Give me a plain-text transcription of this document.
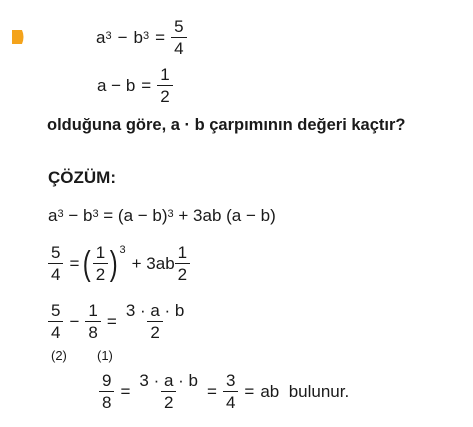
$a^3 - b^3 = \frac{5}{4}$
$a - b = \frac{1}{2}$
olduğuna göre, a · b çarpımının değeri kaçtır?
ÇÖZÜM:
$a^3 - b^3 = (a - b)^3 + 3ab$ (a − b)
$\frac{5}{4}$ = ( $\frac{1}{2} )^3$
+ $3ab \frac{1}{2}$
$\frac{5}{4} - \frac{1}{8} = \frac{3 \cdot a \cdot b}{2}$
(2) (1)
$\frac{9}{8} = \frac{3 \cdot a \cdot b}{2} = \frac{3}{4}$ = ab  bulunur.
